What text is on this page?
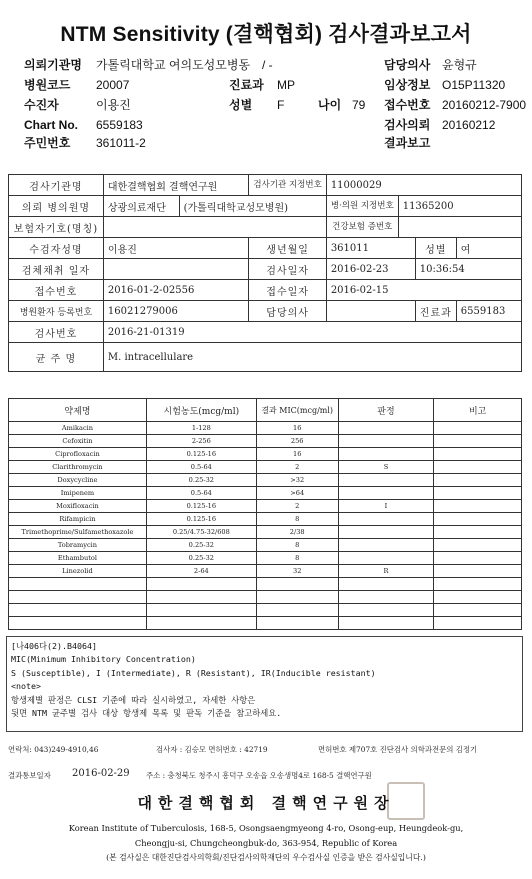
NTM Sensitivity (결핵협회) 검사결과보고서
의뢰기관명 가톨릭대학교 여의도성모병동 / -	담당의사 윤형규
병원코드 20007	진료과 MP	임상정보 O15P11320
수진자	이용진	성별 F	나이 79 접수번호 20160212-7900
Chart No. 6559183	검사의뢰 20160212
주민번호 361011-2	결과보고
검사기관명	대한결핵협회 결핵연구원		검사기관 지정번호	11000029			
의뢰 병의원명	상광의료재단	(가톨릭대학교성모병원)		병·의원 지정번호	11365200		
보험자기호(명칭)				건강보험 증번호			
수검자성명	이용진		생년월일	361011		성별	여
검체채취 일자			검사일자	2016-02-23		10:36:54	
접수번호	2016-01-2-02556		접수일자	2016-02-15			
병원환자 등록번호	16021279006		담당의사			진료과	6559183
검사번호	2016-21-01319						
균 주 명	M. intracellulare						
약제명	시험농도(mcg/ml)	결과 MIC(mcg/ml)	판정	비고
Amikacin	1-128	16		
Cefoxitin	2-256	256		
Ciprofloxacin	0.125-16	16		
Clarithromycin	0.5-64	2	S	
Doxycycline	0.25-32	>32		
Imipenem	0.5-64	>64		
Moxifloxacin	0.125-16	2	I	
Rifampicin	0.125-16	8		
Trimethoprime/Sulfamethoxazole	0.25/4.75-32/608	2/38		
Tobramycin	0.25-32	8		
Ethambutol	0.25-32	8		
Linezolid	2-64	32	R	

[나406다(2).B4064]
MIC(Minimum Inhibitory Concentration)
S (Susceptible), I (Intermediate), R (Resistant), IR(Inducible resistant)
<note>
항생제별 판정은 CLSI 기준에 따라 실시하였고, 자세한 사항은
뒷면 NTM 균주별 검사 대상 항생제 목록 및 판독 기준을 참고하세요.
연락처: 043)249-4910,46	검사자 : 김승모 면허번호 : 42719	면허번호 제707호 진단검사 의학과전문의 김정기
결과통보일자 2016-02-29 주소 : 충청북도 청주시 흥덕구 오송읍 오송생명4로 168-5 결핵연구원
대한결핵협회 결핵연구원장
Korean Institute of Tuberculosis, 168-5, Osongsaengmyeong 4-ro, Osong-eup, Heungdeok-gu,
Cheongju-si, Chungcheongbuk-do, 363-954, Republic of Korea
(본 검사실은 대한진단검사의학회/진단검사의학재단의 우수검사실 인증을 받은 검사실입니다.)
